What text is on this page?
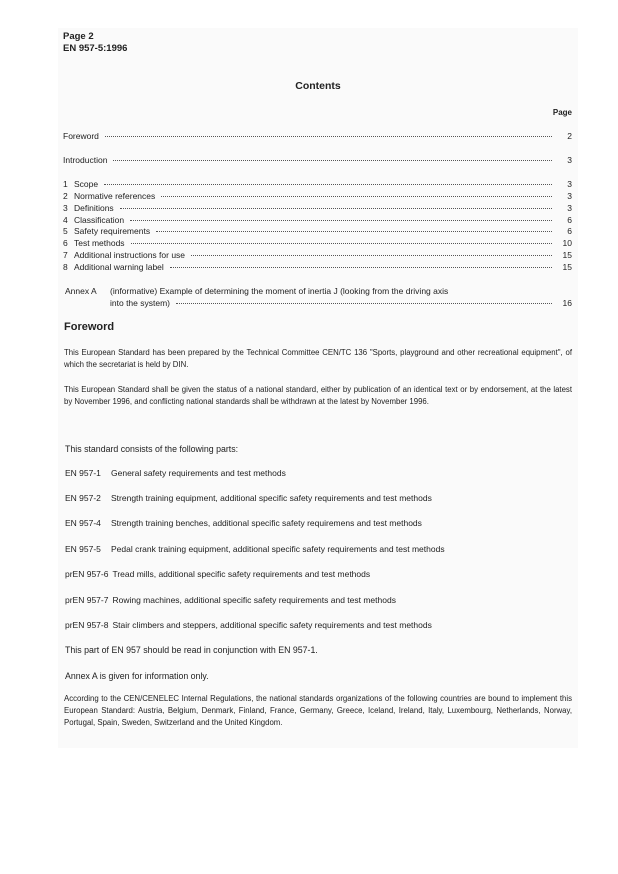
Page 2
EN 957-5:1996
Contents
Page
Foreword	2
Introduction	3
1 Scope	3
2 Normative references	3
3 Definitions	3
4 Classification	6
5 Safety requirements	6
6 Test methods	10
7 Additional instructions for use	15
8 Additional warning label	15
Annex A (informative) Example of determining the moment of inertia J (looking from the driving axis
into the system)	16
Foreword
This European Standard has been prepared by the Technical Committee CEN/TC 136 "Sports, playground and other recreational equipment", of which the secretariat is held by DIN.
This European Standard shall be given the status of a national standard, either by publication of an identical text or by endorsement, at the latest by November 1996, and conflicting national standards shall be withdrawn at the latest by November 1996.
This standard consists of the following parts:
EN 957-1 General safety requirements and test methods
EN 957-2 Strength training equipment, additional specific safety requirements and test methods
EN 957-4 Strength training benches, additional specific safety requiremens and test methods
EN 957-5 Pedal crank training equipment, additional specific safety requirements and test methods
prEN 957-6 Tread mills, additional specific safety requirements and test methods
prEN 957-7 Rowing machines, additional specific safety requirements and test methods
prEN 957-8 Stair climbers and steppers, additional specific safety requirements and test methods
This part of EN 957 should be read in conjunction with EN 957-1.
Annex A is given for information only.
According to the CEN/CENELEC Internal Regulations, the national standards organizations of the following countries are bound to implement this European Standard: Austria, Belgium, Denmark, Finland, France, Germany, Greece, Iceland, Ireland, Italy, Luxembourg, Netherlands, Norway, Portugal, Spain, Sweden, Switzerland and the United Kingdom.
